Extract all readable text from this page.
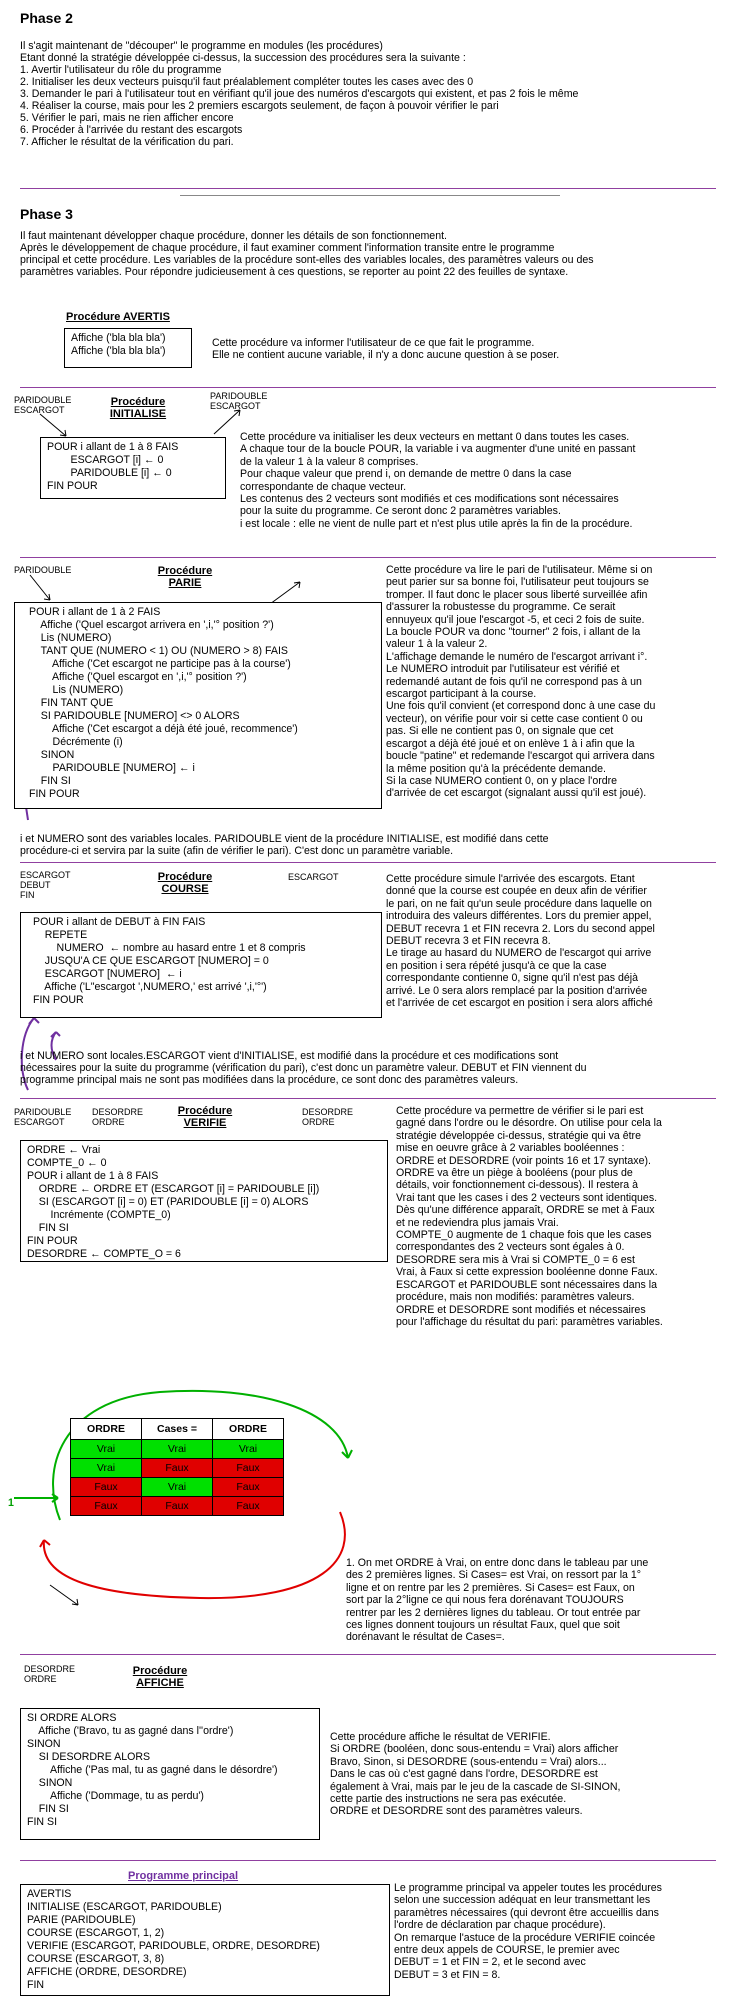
Phase 2
Il s'agit maintenant de "découper" le programme en modules (les procédures)
Etant donné la stratégie développée ci-dessus, la succession des procédures sera la suivante :
1. Avertir l'utilisateur du rôle du programme
2. Initialiser les deux vecteurs puisqu'il faut préalablement compléter toutes les cases avec des 0
3. Demander le pari à l'utilisateur tout en vérifiant qu'il joue des numéros d'escargots qui existent, et pas 2 fois le même
4. Réaliser la course, mais pour les 2 premiers escargots seulement, de façon à pouvoir vérifier le pari
5. Vérifier le pari, mais ne rien afficher encore
6. Procéder à l'arrivée du restant des escargots
7. Afficher le résultat de la vérification du pari.
Phase 3
Il faut maintenant développer chaque procédure, donner les détails de son fonctionnement.
Après le développement de chaque procédure, il faut examiner comment l'information transite entre le programme
principal et cette procédure. Les variables de la procédure sont-elles des variables locales, des paramètres valeurs ou des
paramètres variables. Pour répondre judicieusement à ces questions, se reporter au point 22 des feuilles de syntaxe.
Procédure AVERTIS
Affiche ('bla bla bla')
Affiche ('bla bla bla')
Cette procédure va informer l'utilisateur de ce que fait le programme.
Elle ne contient aucune variable, il n'y a donc aucune question à se poser.
PARIDOUBLE
ESCARGOT
Procédure
INITIALISE
PARIDOUBLE
ESCARGOT
POUR i allant de 1 à 8 FAIS
ESCARGOT [i] ← 0
PARIDOUBLE [i] ← 0
FIN POUR
Cette procédure va initialiser les deux vecteurs en mettant 0 dans toutes les cases.
A chaque tour de la boucle POUR, la variable i va augmenter d'une unité en passant
de la valeur 1 à la valeur 8 comprises.
Pour chaque valeur que prend i, on demande de mettre 0 dans la case
correspondante de chaque vecteur.
Les contenus des 2 vecteurs sont modifiés et ces modifications sont nécessaires
pour la suite du programme. Ce seront donc 2 paramètres variables.
i est locale : elle ne vient de nulle part et n'est plus utile après la fin de la procédure.
PARIDOUBLE	Procédure
PARIE
POUR i allant de 1 à 2 FAIS
Affiche ('Quel escargot arrivera en ',i,'° position ?')
Lis (NUMERO)
TANT QUE (NUMERO < 1) OU (NUMERO > 8) FAIS
Affiche ('Cet escargot ne participe pas à la course')
Affiche ('Quel escargot en ',i,'° position ?')
Lis (NUMERO)
FIN TANT QUE
SI PARIDOUBLE [NUMERO] <> 0 ALORS
Affiche ('Cet escargot a déjà été joué, recommence')
Décrémente (i)
SINON
PARIDOUBLE [NUMERO] ← i
FIN SI
FIN POUR
Cette procédure va lire le pari de l'utilisateur. Même si on
peut parier sur sa bonne foi, l'utilisateur peut toujours se
tromper. Il faut donc le placer sous liberté surveillée afin
d'assurer la robustesse du programme. Ce serait
ennuyeux qu'il joue l'escargot -5, et ceci 2 fois de suite.
La boucle POUR va donc "tourner" 2 fois, i allant de la
valeur 1 à la valeur 2.
L'affichage demande le numéro de l'escargot arrivant i°.
Le NUMERO introduit par l'utilisateur est vérifié et
redemandé autant de fois qu'il ne correspond pas à un
escargot participant à la course.
Une fois qu'il convient (et correspond donc à une case du
vecteur), on vérifie pour voir si cette case contient 0 ou
pas. Si elle ne contient pas 0, on signale que cet
escargot a déjà été joué et on enlève 1 à i afin que la
boucle "patine" et redemande l'escargot qui arrivera dans
la même position qu'à la précédente demande.
Si la case NUMERO contient 0, on y place l'ordre
d'arrivée de cet escargot (signalant aussi qu'il est joué).
i et NUMERO sont des variables locales. PARIDOUBLE vient de la procédure INITIALISE, est modifié dans cette
procédure-ci et servira par la suite (afin de vérifier le pari). C'est donc un paramètre variable.
ESCARGOT
DEBUT
FIN
Procédure
COURSE
ESCARGOT
POUR i allant de DEBUT à FIN FAIS
REPETE
NUMERO  ← nombre au hasard entre 1 et 8 compris
JUSQU'A CE QUE ESCARGOT [NUMERO] = 0
ESCARGOT [NUMERO]  ← i
Affiche ('L"escargot ',NUMERO,' est arrivé ',i,'°')
FIN POUR
Cette procédure simule l'arrivée des escargots. Etant
donné que la course est coupée en deux afin de vérifier
le pari, on ne fait qu'un seule procédure dans laquelle on
introduira des valeurs différentes. Lors du premier appel,
DEBUT recevra 1 et FIN recevra 2. Lors du second appel
DEBUT recevra 3 et FIN recevra 8.
Le tirage au hasard du NUMERO de l'escargot qui arrive
en position i sera répété jusqu'à ce que la case
correspondante contienne 0, signe qu'il n'est pas déjà
arrivé. Le 0 sera alors remplacé par la position d'arrivée
et l'arrivée de cet escargot en position i sera alors affiché
i et NUMERO sont locales.ESCARGOT vient d'INITIALISE, est modifié dans la procédure et ces modifications sont
nécessaires pour la suite du programme (vérification du pari), c'est donc un paramètre valeur. DEBUT et FIN viennent du
programme principal mais ne sont pas modifiées dans la procédure, ce sont donc des paramètres valeurs.
PARIDOUBLE
ESCARGOT
DESORDRE
ORDRE
Procédure
VERIFIE
DESORDRE
ORDRE
ORDRE ← Vrai
COMPTE_0 ← 0
POUR i allant de 1 à 8 FAIS
ORDRE ← ORDRE ET (ESCARGOT [i] = PARIDOUBLE [i])
SI (ESCARGOT [i] = 0) ET (PARIDOUBLE [i] = 0) ALORS
Incrémente (COMPTE_0)
FIN SI
FIN POUR
DESORDRE ← COMPTE_O = 6
Cette procédure va permettre de vérifier si le pari est
gagné dans l'ordre ou le désordre. On utilise pour cela la
stratégie développée ci-dessus, stratégie qui va être
mise en oeuvre grâce à 2 variables booléennes :
ORDRE et DESORDRE (voir points 16 et 17 syntaxe).
ORDRE va être un piège à booléens (pour plus de
détails, voir fonctionnement ci-dessous). Il restera à
Vrai tant que les cases i des 2 vecteurs sont identiques.
Dès qu'une différence apparaît, ORDRE se met à Faux
et ne redeviendra plus jamais Vrai.
COMPTE_0 augmente de 1 chaque fois que les cases
correspondantes des 2 vecteurs sont égales à 0.
DESORDRE sera mis à Vrai si COMPTE_0 = 6 est
Vrai, à Faux si cette expression booléenne donne Faux.
ESCARGOT et PARIDOUBLE sont nécessaires dans la
procédure, mais non modifiés: paramètres valeurs.
ORDRE et DESORDRE sont modifiés et nécessaires
pour l'affichage du résultat du pari: paramètres variables.
1
ORDRE	Cases =	ORDRE
Vrai	Vrai	Vrai
Vrai	Faux	Faux
Faux	Vrai	Faux
Faux	Faux	Faux
1. On met ORDRE à Vrai, on entre donc dans le tableau par une
des 2 premières lignes. Si Cases= est Vrai, on ressort par la 1°
ligne et on rentre par les 2 premières. Si Cases= est Faux, on
sort par la 2°ligne ce qui nous fera dorénavant TOUJOURS
rentrer par les 2 dernières lignes du tableau. Or tout entrée par
ces lignes donnent toujours un résultat Faux, quel que soit
dorénavant le résultat de Cases=.
DESORDRE
ORDRE
Procédure
AFFICHE
SI ORDRE ALORS
Affiche ('Bravo, tu as gagné dans l''ordre')
SINON
SI DESORDRE ALORS
Affiche ('Pas mal, tu as gagné dans le désordre')
SINON
Affiche ('Dommage, tu as perdu')
FIN SI
FIN SI
Cette procédure affiche le résultat de VERIFIE.
Si ORDRE (booléen, donc sous-entendu = Vrai) alors afficher
Bravo, Sinon, si DESORDRE (sous-entendu = Vrai) alors...
Dans le cas où c'est gagné dans l'ordre, DESORDRE est
également à Vrai, mais par le jeu de la cascade de SI-SINON,
cette partie des instructions ne sera pas exécutée.
ORDRE et DESORDRE sont des paramètres valeurs.
Programme principal
AVERTIS
INITIALISE (ESCARGOT, PARIDOUBLE)
PARIE (PARIDOUBLE)
COURSE (ESCARGOT, 1, 2)
VERIFIE (ESCARGOT, PARIDOUBLE, ORDRE, DESORDRE)
COURSE (ESCARGOT, 3, 8)
AFFICHE (ORDRE, DESORDRE)
FIN
Le programme principal va appeler toutes les procédures
selon une succession adéquat en leur transmettant les
paramètres nécessaires (qui devront être accueillis dans
l'ordre de déclaration par chaque procédure).
On remarque l'astuce de la procédure VERIFIE coincée
entre deux appels de COURSE, le premier avec
DEBUT = 1 et FIN = 2, et le second avec
DEBUT = 3 et FIN = 8.
